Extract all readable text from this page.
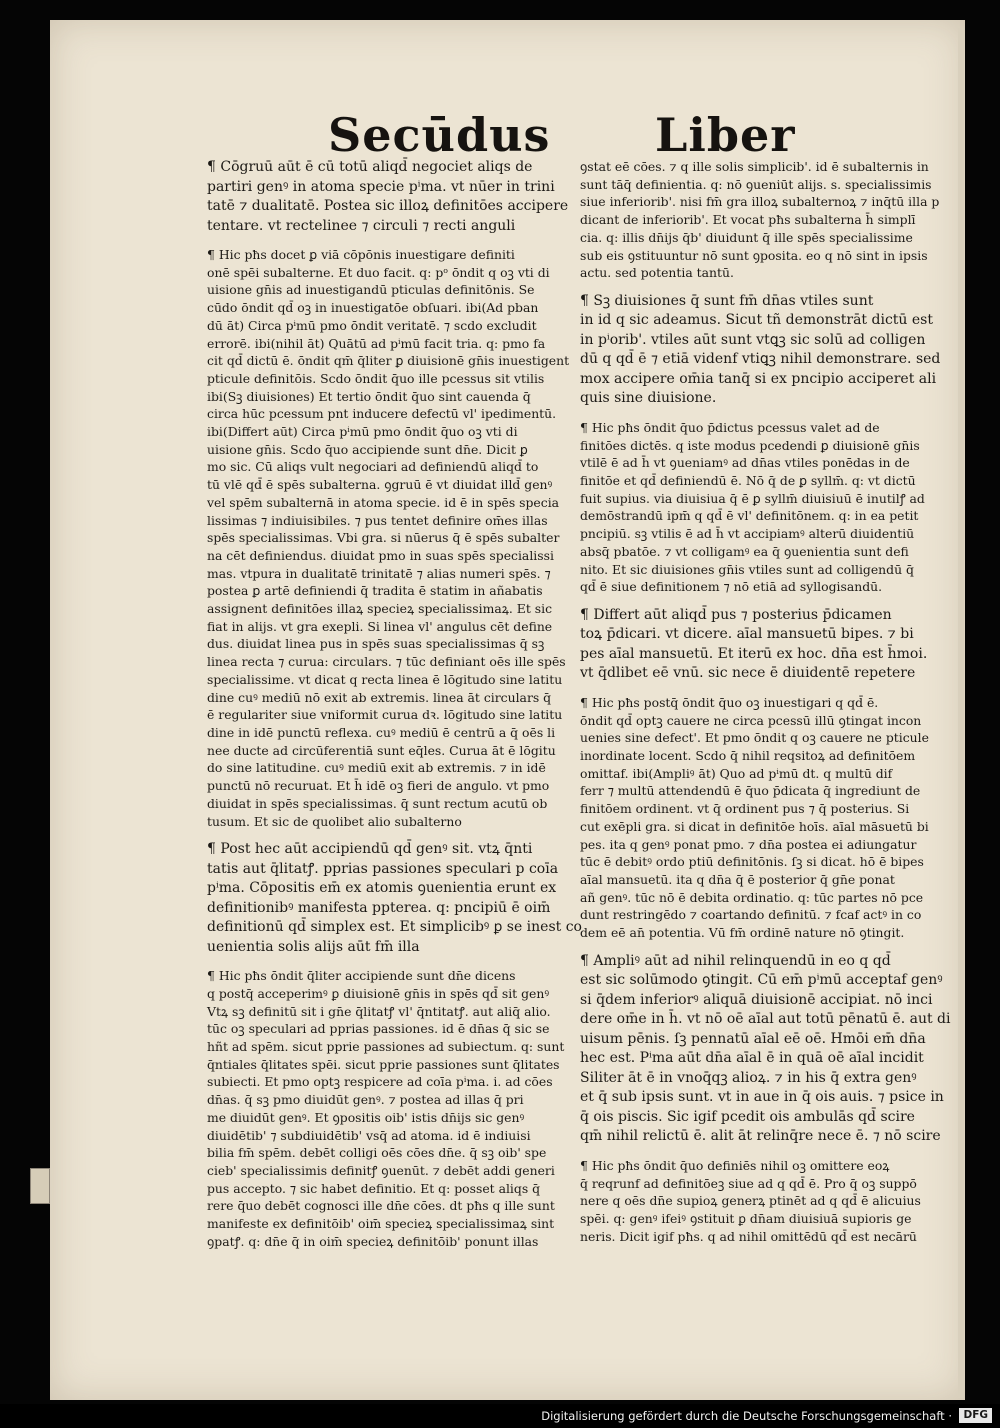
Secūdus Liber
¶ Cōgruū aūt ē cū totū aliqd̄ negociet aliqs de
partiri genꝰ in atoma specie pⁱma. vt nūer in trini
tatē ⁊ dualitatē. Postea sic illoꝝ definitōes accipere
tentare. vt rectelinee ⁊ circuli ⁊ recti anguli
¶ Hic pħs docet ꝑ viā cōpōnis inuestigare definiti
onē spēi subalterne. Et duo facit. q: pᵒ ōndit q oꝫ vti di
uisione gn̄is ad inuestigandū pticulas definitōnis. Se
cūdo ōndit qd̄ oꝫ in inuestigatōe obſuari. ibi(Ad pban
dū āt) Circa pⁱmū pmo ōndit veritatē. ⁊ scdo excludit
errorē. ibi(nihil āt) Quātū ad pⁱmū facit tria. q: pmo fa
cit qd̄ dictū ē. ōndit qm̄ q̄liter ꝑ diuisionē gn̄is inuestigent
pticule definitōis. Scdo ōndit q̄uo ille pcessus sit vtilis
ibi(Sꝫ diuisiones) Et tertio ōndit q̄uo sint cauenda q̄
circa hūc pcessum pnt inducere defectū vl' ipedimentū.
ibi(Differt aūt) Circa pⁱmū pmo ōndit q̄uo oꝫ vti di
uisione gn̄is. Scdo q̄uo accipiende sunt dn̄e. Dicit ꝑ
mo sic. Cū aliqs vult negociari ad definiendū aliqd̄ to
tū vlē qd̄ ē spēs subalterna. ꝯgruū ē vt diuidat illd̄ genꝰ
vel spēm subalternā in atoma specie. id ē in spēs specia
lissimas ⁊ indiuisibiles. ⁊ pus tentet definire om̄es illas
spēs specialissimas. Vbi gra. si nūerus q̄ ē spēs subalter
na cēt definiendus. diuidat pmo in suas spēs specialissi
mas. vtpura in dualitatē trinitatē ⁊ alias numeri spēs. ⁊
postea ꝑ artē definiendi q̄ tradita ē statim in añabatis
assignent definitōes illaꝝ specieꝝ specialissimaꝝ. Et sic
fiat in alijs. vt gra exepli. Si linea vl' angulus cēt define
dus. diuidat linea pus in spēs suas specialissimas q̄ sꝫ
linea recta ⁊ curua: circulars. ⁊ tūc definiant oēs ille spēs
specialissime. vt dicat q recta linea ē lōgitudo sine latitu
dine cuꝰ mediū nō exit ab extremis. linea āt circulars q̄
ē regulariter siue vniformit curua dꝛ. lōgitudo sine latitu
dine in idē punctū reflexa. cuꝰ mediū ē centrū a q̄ oēs li
nee ducte ad circūferentiā sunt eq̄les. Curua āt ē lōgitu
do sine latitudine. cuꝰ mediū exit ab extremis. ⁊ in idē
punctū nō recuruat. Et h̄ idē oꝫ fieri de angulo. vt pmo
diuidat in spēs specialissimas. q̄ sunt rectum acutū ob
tusum. Et sic de quolibet alio subalterno
¶ Post hec aūt accipiendū qd̄ genꝰ sit. vtꝝ q̄nti
tatis aut q̄litatꝭ. pprias passiones speculari p coīa
pⁱma. Cōpositis em̄ ex atomis ꝯuenientia erunt ex
definitionibꝰ manifesta ppterea. q: pncipiū ē oim̄
definitionū qd̄ simplex est. Et simplicibꝰ ꝑ se inest co
uenientia solis alijs aūt fm̄ illa
¶ Hic pħs ōndit q̄liter accipiende sunt dn̄e dicens
q postq̄ acceperimꝰ ꝑ diuisionē gn̄is in spēs qd̄ sit genꝰ
Vtꝝ sꝫ definitū sit i gn̄e q̄litatꝭ vl' q̄ntitatꝭ. aut aliq̄ alio.
tūc oꝫ speculari ad pprias passiones. id ē dn̄as q̄ sic se
hñt ad spēm. sicut pprie passiones ad subiectum. q: sunt
q̄ntiales q̄litates spēi. sicut pprie passiones sunt q̄litates
subiecti. Et pmo optꝫ respicere ad coīa pⁱma. i. ad cōes
dn̄as. q̄ sꝫ pmo diuidūt genꝰ. ⁊ postea ad illas q̄ pri
me diuidūt genꝰ. Et ꝯpositis oib' istis dn̄ijs sic genꝰ
diuidētib' ⁊ subdiuidētib' vsq̄ ad atoma. id ē indiuisi
bilia fm̄ spēm. debēt colligi oēs cōes dn̄e. q̄ sꝫ oib' spe
cieb' specialissimis definitꝭ ꝯuenūt. ⁊ debēt addi generi
pus accepto. ⁊ sic habet definitio. Et q: posset aliqs q̄
rere q̄uo debēt cognosci ille dn̄e cōes. dt pħs q ille sunt
manifeste ex definitōib' oim̄ specieꝝ specialissimaꝝ sint
ꝯpatꝭ. q: dn̄e q̄ in oim̄ specieꝝ definitōib' ponunt illas
ꝯstat eē cōes. ⁊ q ille solis simplicib'. id ē subalternis in
sunt tāq̄ definientia. q: nō ꝯueniūt alijs. s. specialissimis
siue inferiorib'. nisi fm̄ gra illoꝝ subalternoꝝ ⁊ inq̄tū illa p
dicant de inferiorib'. Et vocat pħs subalterna h̄ simplī
cia. q: illis dn̄ijs q̄b' diuidunt q̄ ille spēs specialissime
sub eis ꝯstituuntur nō sunt ꝯposita. eo q nō sint in ipsis
actu. sed potentia tantū.
¶ Sꝫ diuisiones q̄ sunt fm̄ dn̄as vtiles sunt
in id q sic adeamus. Sicut tñ demonstrāt dictū est
in pⁱorib'. vtiles aūt sunt vtꝗꝫ sic solū ad colligen
dū q qd̄ ē ⁊ etiā videnf vtiꝗꝫ nihil demonstrare. sed
mox accipere om̄ia tanq̄ si ex pncipio acciperet ali
quis sine diuisione.
¶ Hic pħs ōndit q̄uo p̄dictus pcessus valet ad de
finitōes dictēs. q iste modus pcedendi ꝑ diuisionē gn̄is
vtilē ē ad h̄ vt ꝯueniamꝰ ad dn̄as vtiles ponēdas in de
finitōe et qd̄ definiendū ē. Nō q̄ de ꝑ syllm̄. q: vt dictū
fuit supius. via diuisiua q̄ ē ꝑ syllm̄ diuisiuū ē inutilꝭ ad
demōstrandū ipm̄ q qd̄ ē vl' definitōnem. q: in ea petit
pncipiū. sꝫ vtilis ē ad h̄ vt accipiamꝰ alterū diuidentiū
absq̄ pbatōe. ⁊ vt colligamꝰ ea q̄ ꝯuenientia sunt defi
nito. Et sic diuisiones gn̄is vtiles sunt ad colligendū q̄
qd̄ ē siue definitionem ⁊ nō etiā ad syllogisandū.
¶ Differt aūt aliqd̄ pus ⁊ posterius p̄dicamen
toꝝ p̄dicari. vt dicere. aīal mansuetū bipes. ⁊ bi
pes aīal mansuetū. Et iterū ex hoc. dn̄a est h̄moi.
vt q̄dlibet eē vnū. sic nece ē diuidentē repetere
¶ Hic pħs postq̄ ōndit q̄uo oꝫ inuestigari q qd̄ ē.
ōndit qd̄ optꝫ cauere ne circa pcessū illū ꝯtingat incon
uenies sine defect'. Et pmo ōndit q oꝫ cauere ne pticule
inordinate locent. Scdo q̄ nihil reqsitoꝝ ad definitōem
omittaf. ibi(Ampliꝰ āt) Quo ad pⁱmū dt. q multū dif
ferr ⁊ multū attendendū ē q̄uo p̄dicata q̄ ingrediunt de
finitōem ordinent. vt q̄ ordinent pus ⁊ q̄ posterius. Si
cut exēpli gra. si dicat in definitōe hoīs. aīal māsuetū bi
pes. ita q genꝰ ponat pmo. ⁊ dn̄a postea ei adiungatur
tūc ē debitꝰ ordo ptiū definitōnis. ſꝫ si dicat. hō ē bipes
aīal mansuetū. ita q dn̄a q̄ ē posterior q̄ gn̄e ponat
añ genꝰ. tūc nō ē debita ordinatio. q: tūc partes nō pce
dunt restringēdo ⁊ coartando definitū. ⁊ fcaf actꝰ in co
dem eē an̄ potentia. Vū fm̄ ordinē nature nō ꝯtingit.
¶ Ampliꝰ aūt ad nihil relinquendū in eo q qd̄
est sic solūmodo ꝯtingit. Cū em̄ pⁱmū acceptaf genꝰ
si q̄dem inferiorꝰ aliquā diuisionē accipiat. nō inci
dere om̄e in h̄. vt nō oē aīal aut totū pēnatū ē. aut di
uisum pēnis. ſꝫ pennatū aīal eē oē. Hmōi em̄ dn̄a
hec est. Pⁱma aūt dn̄a aīal ē in quā oē aīal incidit
Siliter āt ē in vnoq̄qꝫ alioꝝ. ⁊ in his q̄ extra genꝰ
et q̄ sub ipsis sunt. vt in aue in q̄ ois auis. ⁊ psice in
q̄ ois piscis. Sic igif pcedit ois ambulās qd̄ scire
qm̄ nihil relictū ē. alit āt relinq̄re nece ē. ⁊ nō scire
¶ Hic pħs ōndit q̄uo definiēs nihil oꝫ omittere eoꝝ
q̄ reqrunf ad definitōeꝫ siue ad q qd̄ ē. Pro q̄ oꝫ suppō
nere q oēs dn̄e supioꝝ generꝝ ptinēt ad q qd̄ ē alicuius
spēi. q: genꝰ ifeiꝰ ꝯstituit ꝑ dn̄am diuisiuā supioris ge
neris. Dicit igif pħs. q ad nihil omittēdū qd̄ est necārū
Digitalisierung gefördert durch die Deutsche Forschungsgemeinschaft ·	DFG
